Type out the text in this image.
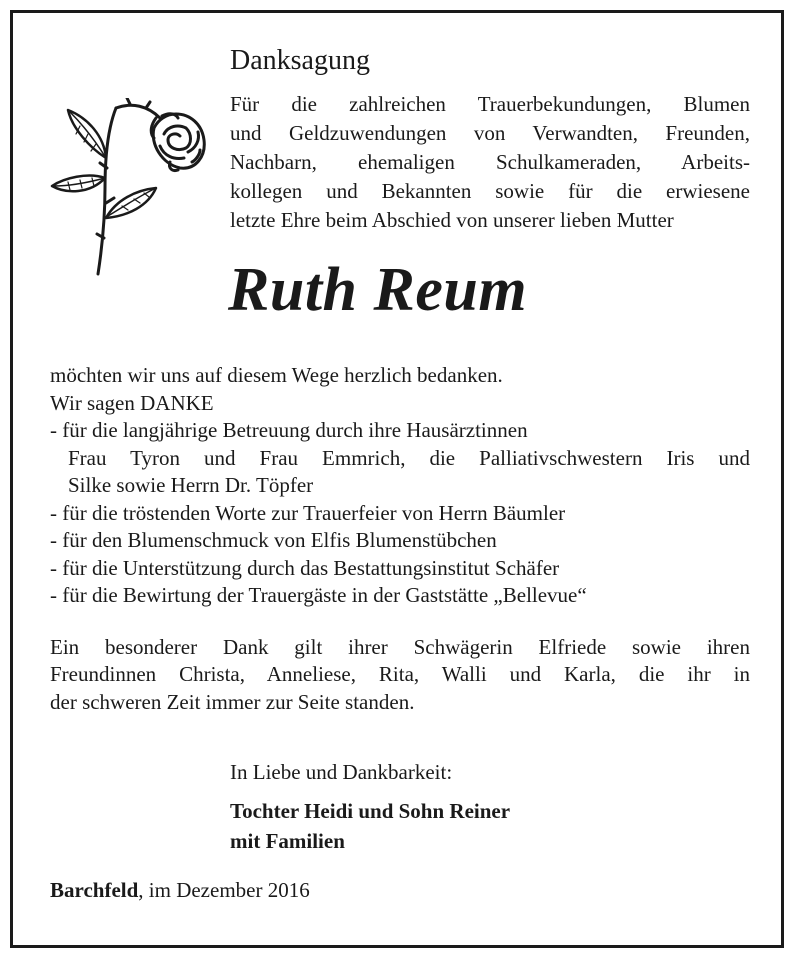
Danksagung
Für die zahlreichen Trauerbekundungen, Blumen
und Geldzuwendungen von Verwandten, Freunden,
Nachbarn, ehemaligen Schulkameraden, Arbeits-
kollegen und Bekannten sowie für die erwiesene
letzte Ehre beim Abschied von unserer lieben Mutter
Ruth Reum
möchten wir uns auf diesem Wege herzlich bedanken.
Wir sagen DANKE
- für die langjährige Betreuung durch ihre Hausärztinnen
Frau Tyron und Frau Emmrich, die Palliativschwestern Iris und
Silke sowie Herrn Dr. Töpfer
- für die tröstenden Worte zur Trauerfeier von Herrn Bäumler
- für den Blumenschmuck von Elfis Blumenstübchen
- für die Unterstützung durch das Bestattungsinstitut Schäfer
- für die Bewirtung der Trauergäste in der Gaststätte „Bellevue“
Ein besonderer Dank gilt ihrer Schwägerin Elfriede sowie ihren
Freundinnen Christa, Anneliese, Rita, Walli und Karla, die ihr in
der schweren Zeit immer zur Seite standen.
In Liebe und Dankbarkeit:
Tochter Heidi und Sohn Reiner
mit Familien
Barchfeld, im Dezember 2016
